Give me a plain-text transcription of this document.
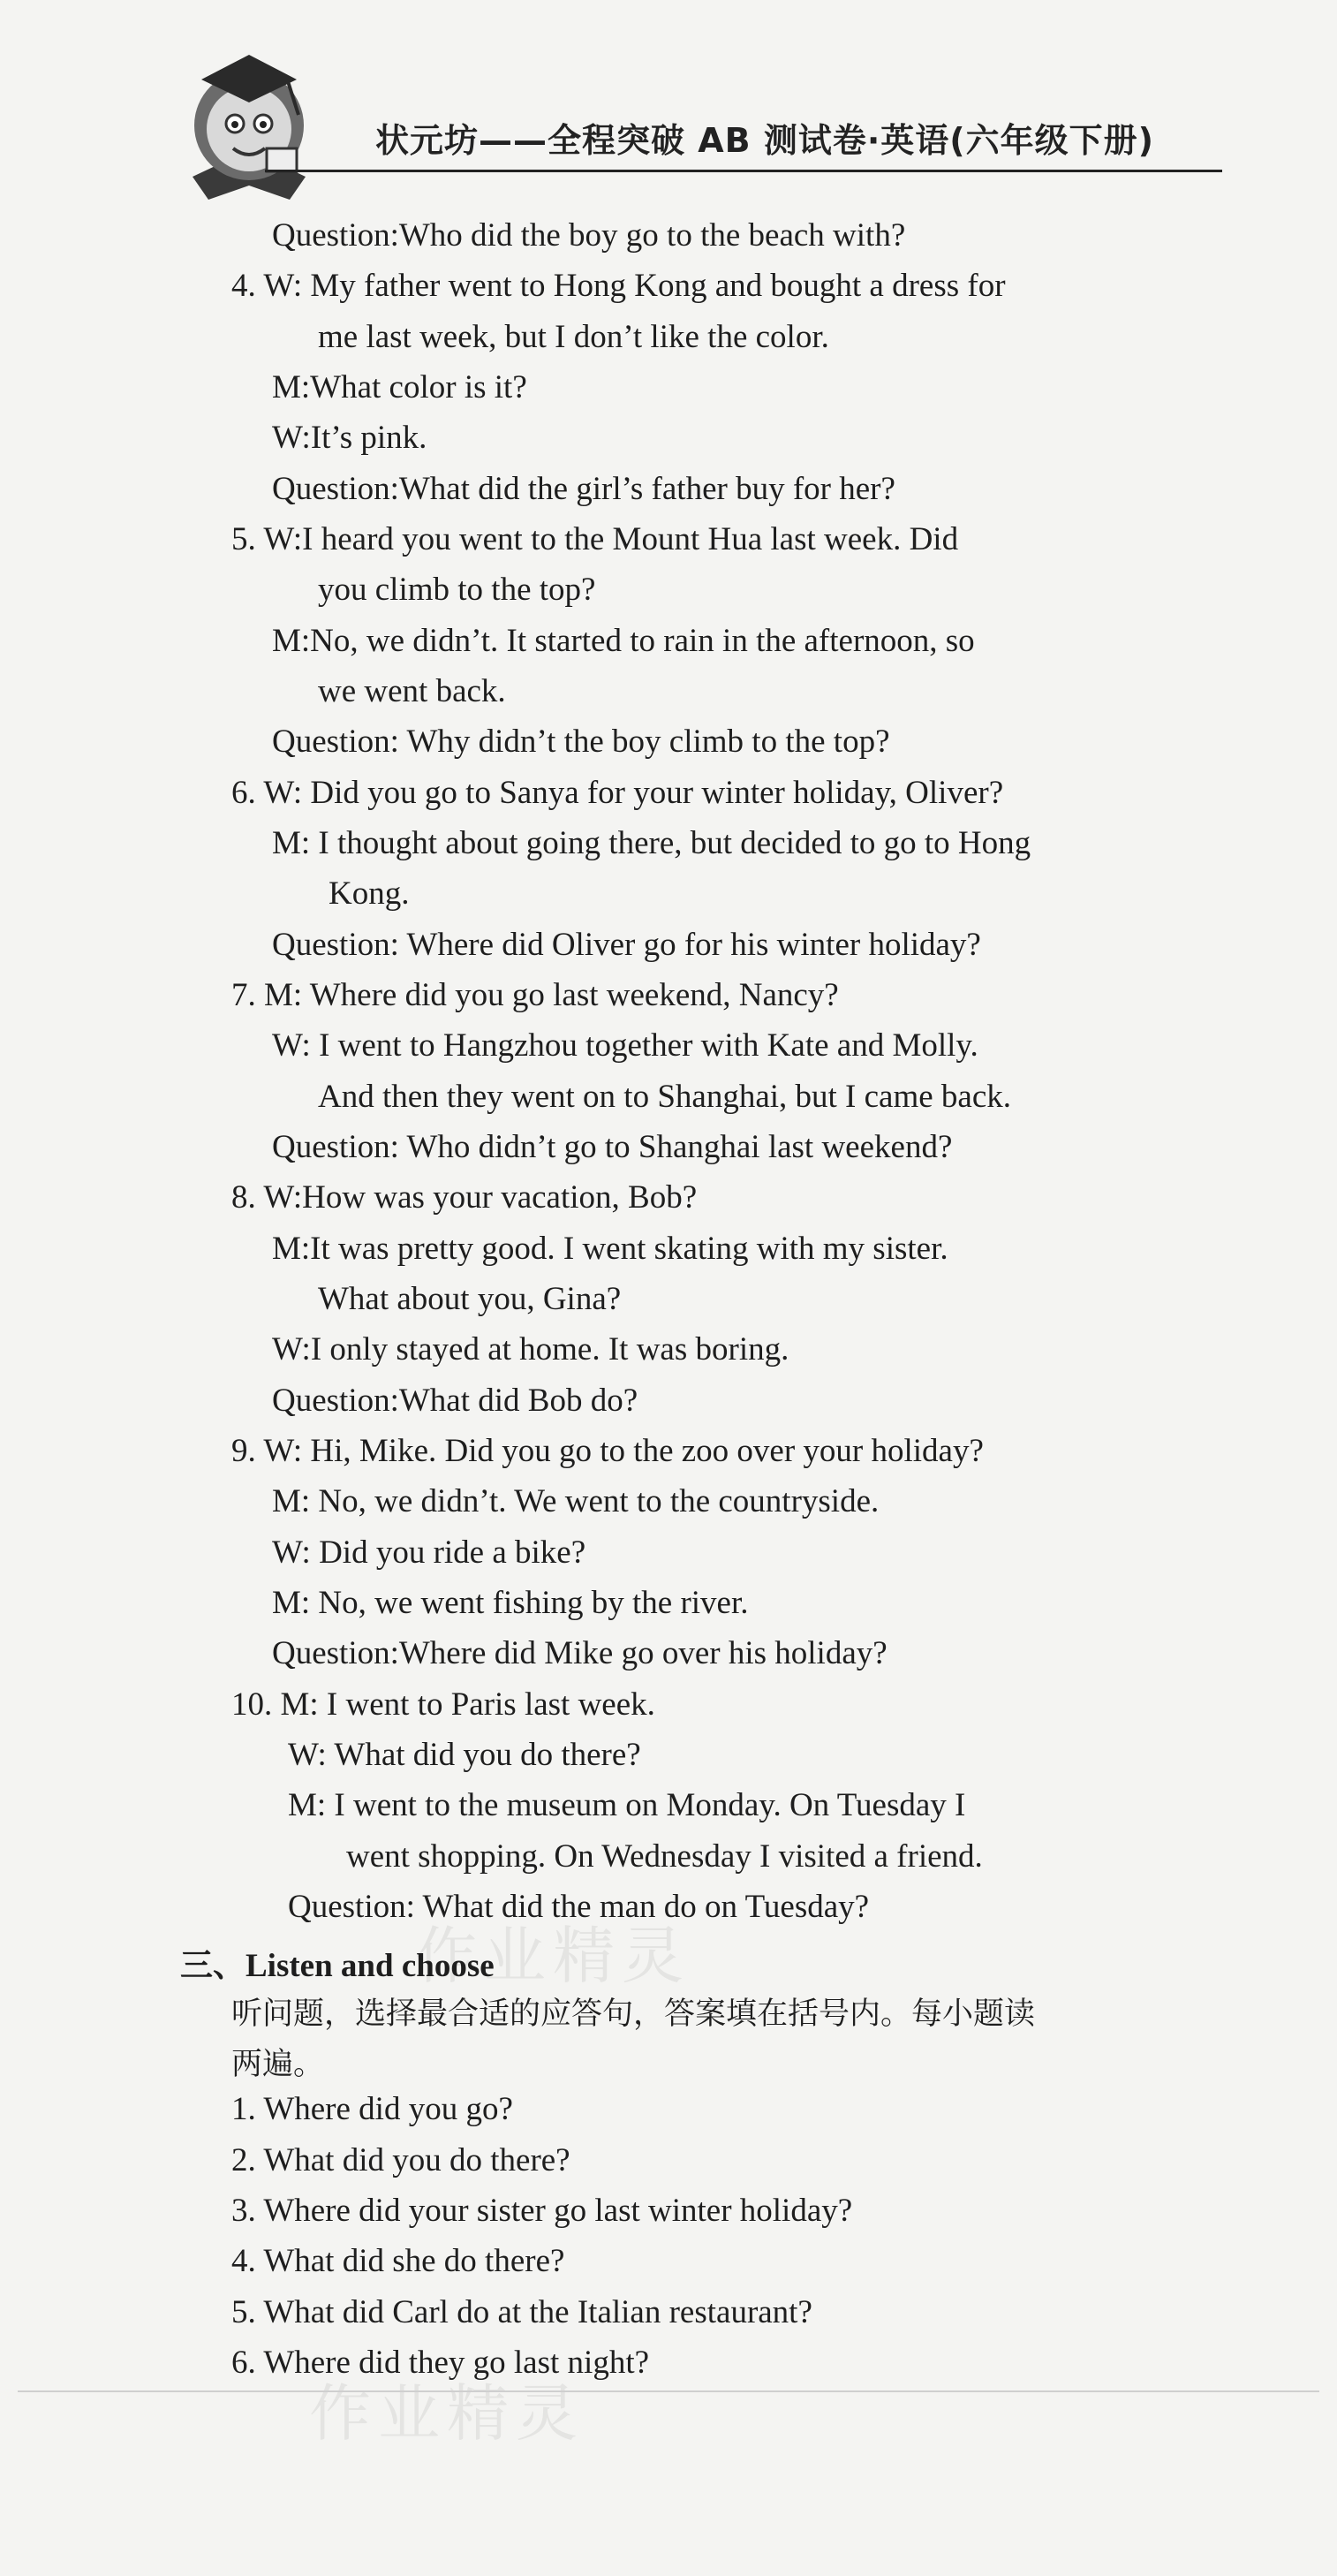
状元坊——全程突破 AB 测试卷·英语(六年级下册)
作业精灵
作业精灵
Question:Who did the boy go to the beach with?
4. W: My father went to Hong Kong and bought a dress for
me last week, but I don’t like the color.
M:What color is it?
W:It’s pink.
Question:What did the girl’s father buy for her?
5. W:I heard you went to the Mount Hua last week. Did
you climb to the top?
M:No, we didn’t. It started to rain in the afternoon, so
we went back.
Question: Why didn’t the boy climb to the top?
6. W: Did you go to Sanya for your winter holiday, Oliver?
M: I thought about going there, but decided to go to Hong
Kong.
Question: Where did Oliver go for his winter holiday?
7. M: Where did you go last weekend, Nancy?
W: I went to Hangzhou together with Kate and Molly.
And then they went on to Shanghai, but I came back.
Question: Who didn’t go to Shanghai last weekend?
8. W:How was your vacation, Bob?
M:It was pretty good. I went skating with my sister.
What about you, Gina?
W:I only stayed at home. It was boring.
Question:What did Bob do?
9. W: Hi, Mike. Did you go to the zoo over your holiday?
M: No, we didn’t. We went to the countryside.
W: Did you ride a bike?
M: No, we went fishing by the river.
Question:Where did Mike go over his holiday?
10. M: I went to Paris last week.
W: What did you do there?
M: I went to the museum on Monday. On Tuesday I
went shopping. On Wednesday I visited a friend.
Question: What did the man do on Tuesday?
三、Listen and choose
听问题，选择最合适的应答句，答案填在括号内。每小题读
两遍。
1. Where did you go?
2. What did you do there?
3. Where did your sister go last winter holiday?
4. What did she do there?
5. What did Carl do at the Italian restaurant?
6. Where did they go last night?
